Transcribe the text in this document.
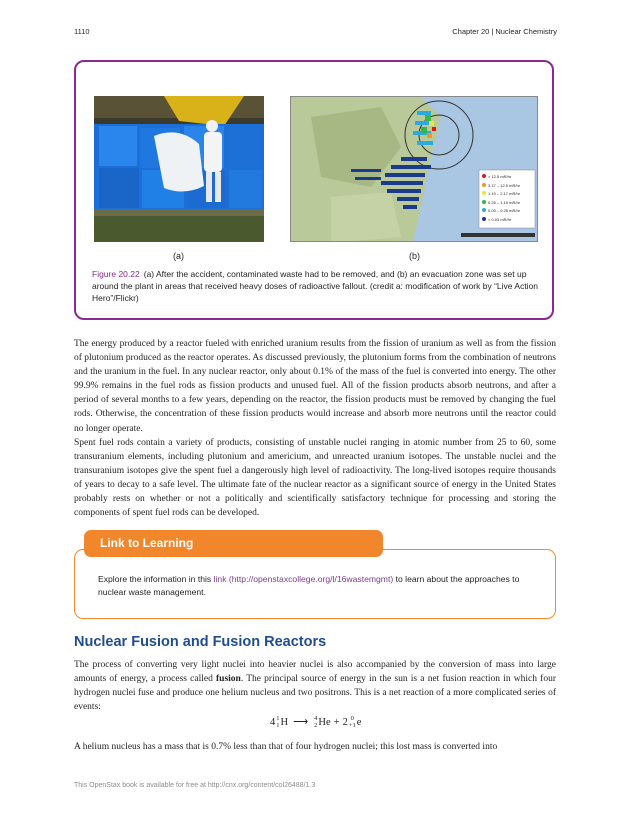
1110	Chapter 20 | Nuclear Chemistry
> 12.5 mR/hr
3.17 – 12.5 mR/hr
1.19 – 2.17 mR/hr
0.25 – 1.19 mR/hr
0.03 – 0.25 mR/hr
< 0.03 mR/hr
(a)	(b)
Figure 20.22 (a) After the accident, contaminated waste had to be removed, and (b) an evacuation zone was set up around the plant in areas that received heavy doses of radioactive fallout. (credit a: modification of work by “Live Action Hero”/Flickr)

The energy produced by a reactor fueled with enriched uranium results from the fission of uranium as well as from the fission of plutonium produced as the reactor operates. As discussed previously, the plutonium forms from the combination of neutrons and the uranium in the fuel. In any nuclear reactor, only about 0.1% of the mass of the fuel is converted into energy. The other 99.9% remains in the fuel rods as fission products and unused fuel. All of the fission products absorb neutrons, and after a period of several months to a few years, depending on the reactor, the fission products must be removed by changing the fuel rods. Otherwise, the concentration of these fission products would increase and absorb more neutrons until the reactor could no longer operate.

Spent fuel rods contain a variety of products, consisting of unstable nuclei ranging in atomic number from 25 to 60, some transuranium elements, including plutonium and americium, and unreacted uranium isotopes. The unstable nuclei and the transuranium isotopes give the spent fuel a dangerously high level of radioactivity. The long-lived isotopes require thousands of years to decay to a safe level. The ultimate fate of the nuclear reactor as a significant source of energy in the United States probably rests on whether or not a politically and scientifically satisfactory technique for processing and storing the components of spent fuel rods can be developed.

Link to Learning
Explore the information in this link (http://openstaxcollege.org/l/16wastemgmt) to learn about the approaches to nuclear waste management.
Nuclear Fusion and Fusion Reactors

The process of converting very light nuclei into heavier nuclei is also accompanied by the conversion of mass into large amounts of energy, a process called fusion. The principal source of energy in the sun is a net fusion reaction in which four hydrogen nuclei fuse and produce one helium nucleus and two positrons. This is a net reaction of a more complicated series of events:

4 1
1 H ⟶ 4
2 He + 2 0
+1 e

A helium nucleus has a mass that is 0.7% less than that of four hydrogen nuclei; this lost mass is converted into

This OpenStax book is available for free at http://cnx.org/content/col26488/1.3
